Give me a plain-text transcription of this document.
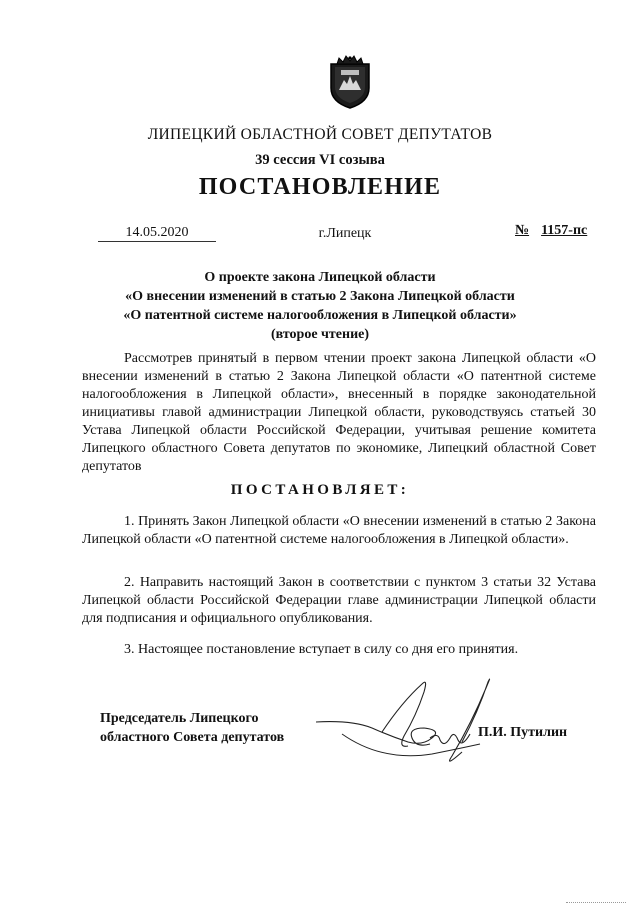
ЛИПЕЦКИЙ ОБЛАСТНОЙ СОВЕТ ДЕПУТАТОВ
39 сессия VI созыва
ПОСТАНОВЛЕНИЕ
14.05.2020	г.Липецк	№ 1157-пс
О проекте закона Липецкой области
«О внесении изменений в статью 2 Закона Липецкой области
«О патентной системе налогообложения в Липецкой области»
(второе чтение)
Рассмотрев принятый в первом чтении проект закона Липецкой области «О внесении изменений в статью 2 Закона Липецкой области «О патентной системе налогообложения в Липецкой области», внесенный в порядке законодательной инициативы главой администрации Липецкой области, руководствуясь статьей 30 Устава Липецкой области Российской Федерации, учитывая решение комитета Липецкого областного Совета депутатов по экономике, Липецкий областной Совет депутатов
ПОСТАНОВЛЯЕТ:
1. Принять Закон Липецкой области «О внесении изменений в статью 2 Закона Липецкой области «О патентной системе налогообложения в Липецкой области».
2. Направить настоящий Закон в соответствии с пунктом 3 статьи 32 Устава Липецкой области Российской Федерации главе администрации Липецкой области для подписания и официального опубликования.
3. Настоящее постановление вступает в силу со дня его принятия.
Председатель Липецкого
областного Совета депутатов	П.И. Путилин
